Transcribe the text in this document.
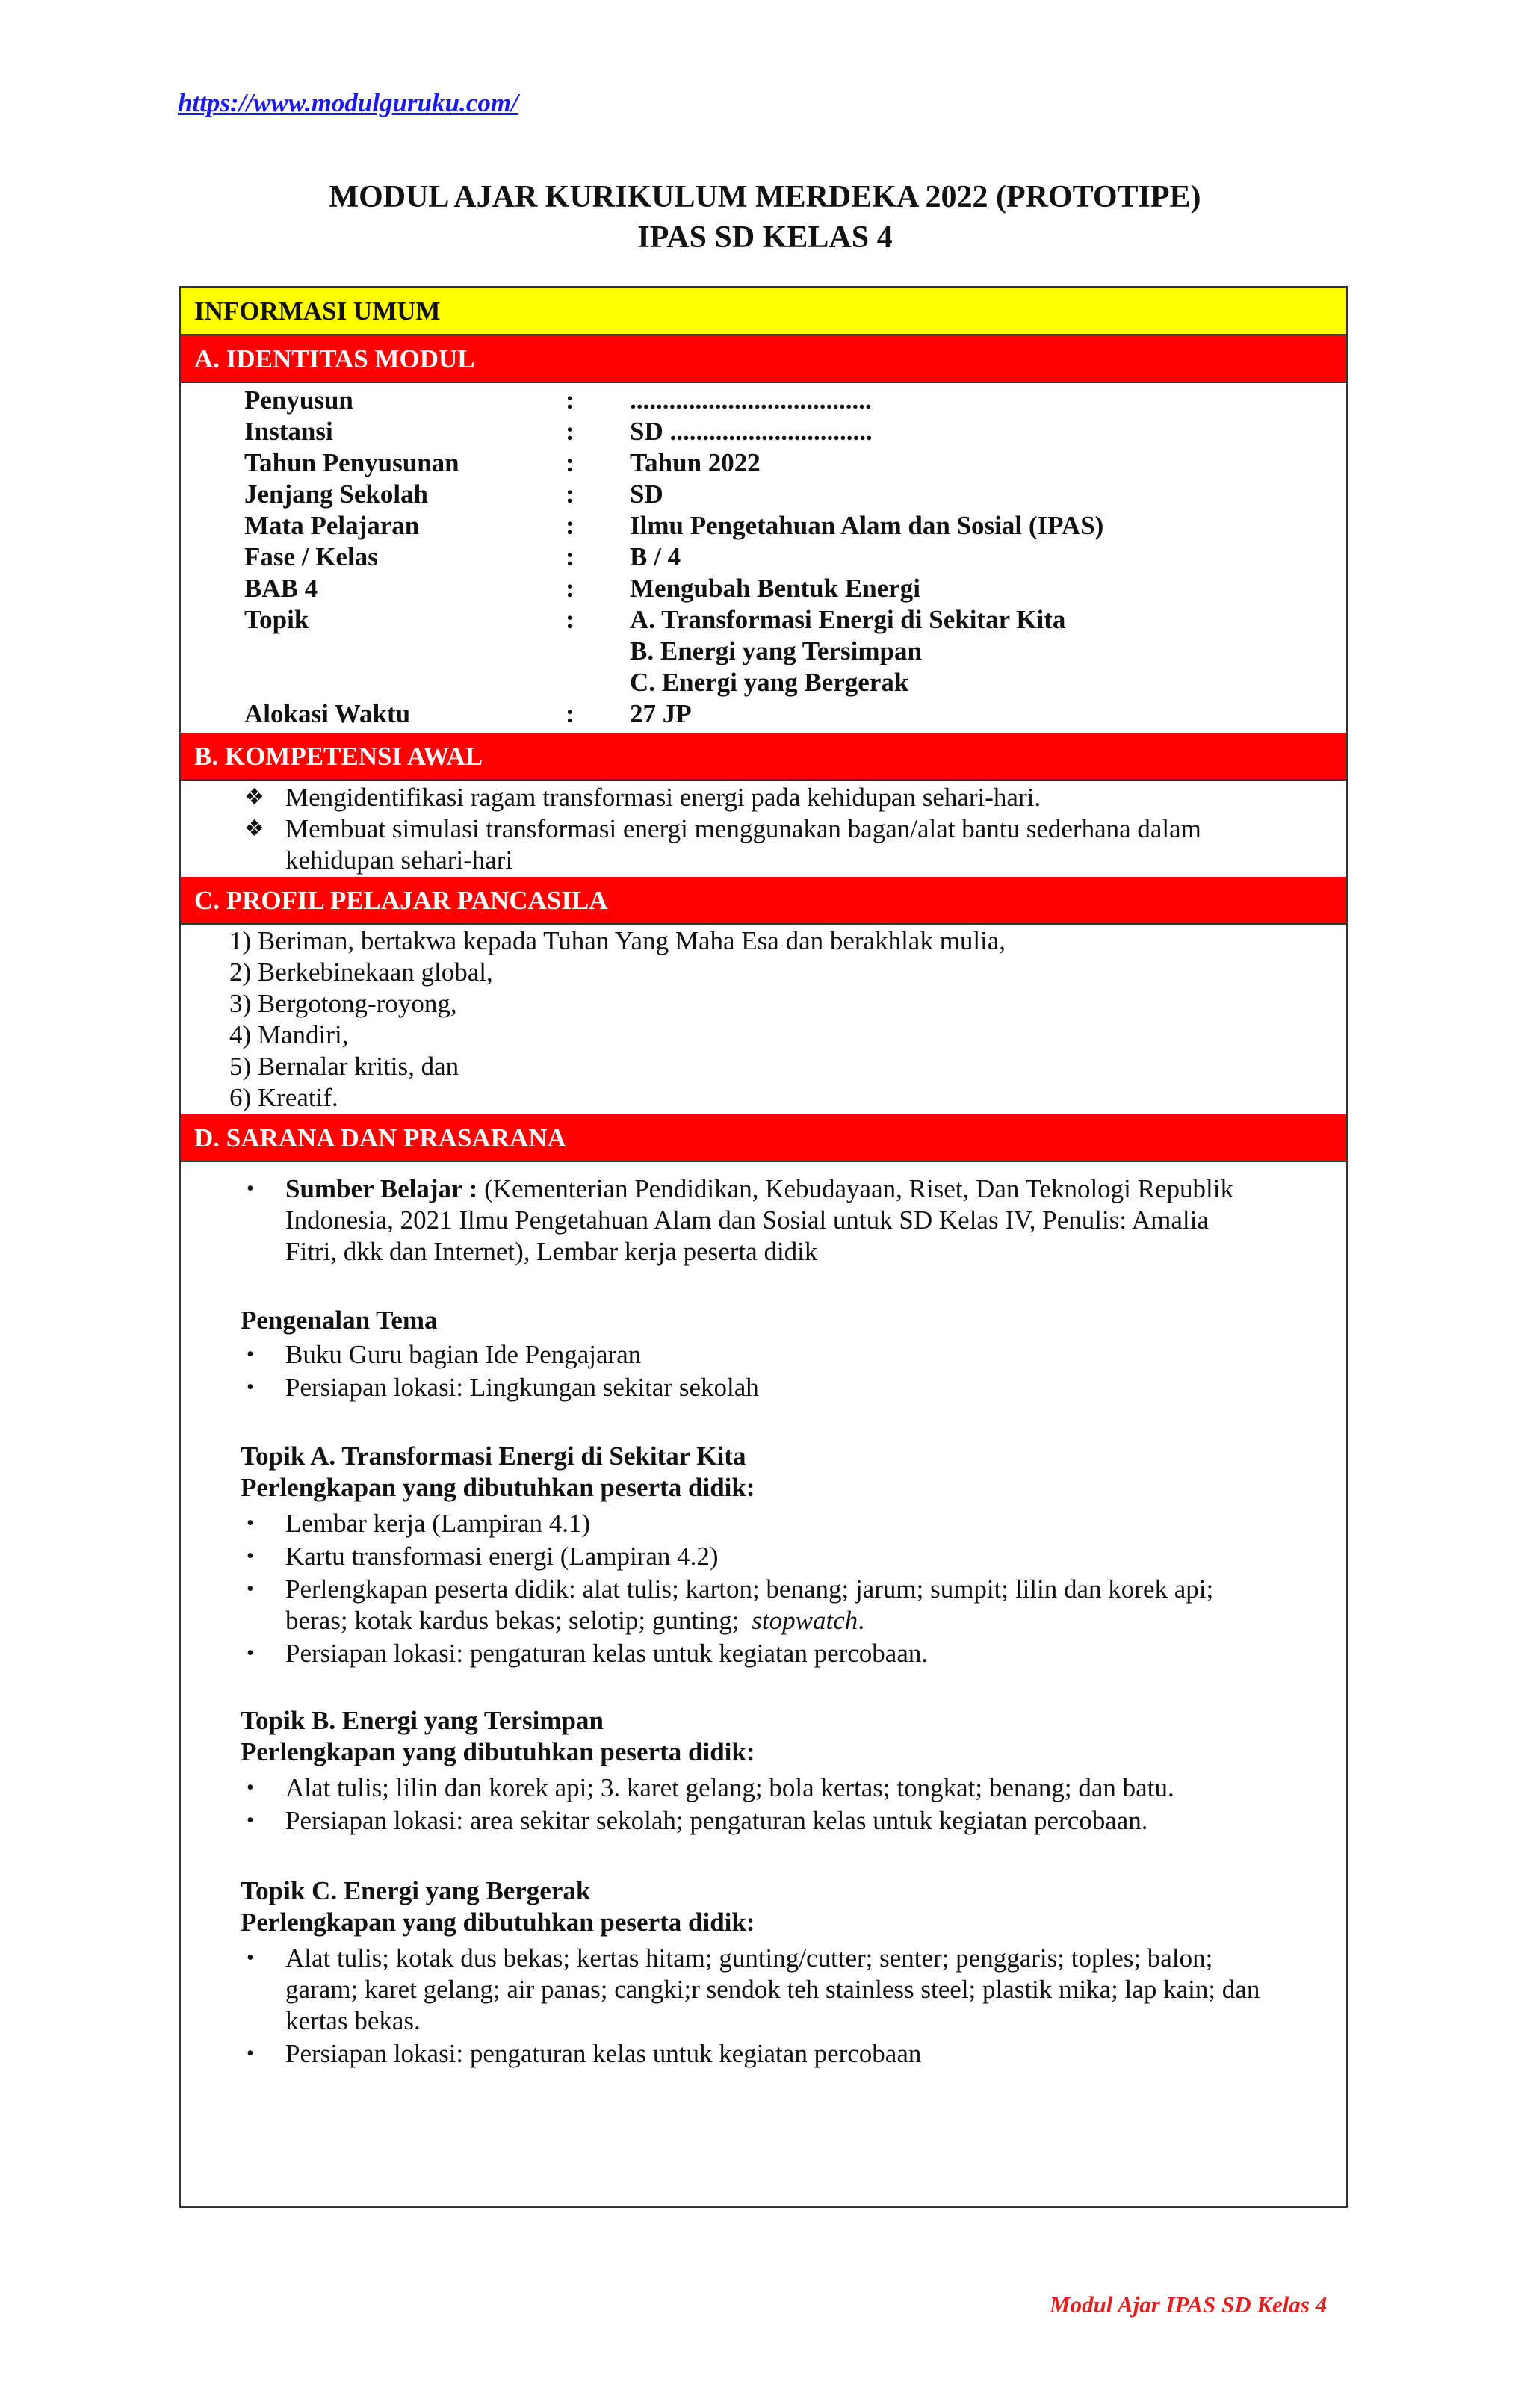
https://www.modulguruku.com/
MODUL AJAR KURIKULUM MERDEKA 2022 (PROTOTIPE)
IPAS SD KELAS 4
INFORMASI UMUM
A. IDENTITAS MODUL
Penyusun	: .....................................
Instansi	: SD ...............................
Tahun Penyusunan	: Tahun 2022
Jenjang Sekolah	: SD
Mata Pelajaran	: Ilmu Pengetahuan Alam dan Sosial (IPAS)
Fase / Kelas	: B / 4
BAB 4	: Mengubah Bentuk Energi
Topik	: A. Transformasi Energi di Sekitar Kita
B. Energi yang Tersimpan
C. Energi yang Bergerak
Alokasi Waktu	: 27 JP
B. KOMPETENSI AWAL
❖ Mengidentifikasi ragam transformasi energi pada kehidupan sehari-hari.
❖ Membuat simulasi transformasi energi menggunakan bagan/alat bantu sederhana dalam
kehidupan sehari-hari
C. PROFIL PELAJAR PANCASILA
1) Beriman, bertakwa kepada Tuhan Yang Maha Esa dan berakhlak mulia,
2) Berkebinekaan global,
3) Bergotong-royong,
4) Mandiri,
5) Bernalar kritis, dan
6) Kreatif.
D. SARANA DAN PRASARANA
• Sumber Belajar : (Kementerian Pendidikan, Kebudayaan, Riset, Dan Teknologi Republik
Indonesia, 2021 Ilmu Pengetahuan Alam dan Sosial untuk SD Kelas IV, Penulis: Amalia
Fitri, dkk dan Internet), Lembar kerja peserta didik
Pengenalan Tema
• Buku Guru bagian Ide Pengajaran
• Persiapan lokasi: Lingkungan sekitar sekolah
Topik A. Transformasi Energi di Sekitar Kita
Perlengkapan yang dibutuhkan peserta didik:
• Lembar kerja (Lampiran 4.1)
• Kartu transformasi energi (Lampiran 4.2)
• Perlengkapan peserta didik: alat tulis; karton; benang; jarum; sumpit; lilin dan korek api;
beras; kotak kardus bekas; selotip; gunting; stopwatch.
• Persiapan lokasi: pengaturan kelas untuk kegiatan percobaan.
Topik B. Energi yang Tersimpan
Perlengkapan yang dibutuhkan peserta didik:
• Alat tulis; lilin dan korek api; 3. karet gelang; bola kertas; tongkat; benang; dan batu.
• Persiapan lokasi: area sekitar sekolah; pengaturan kelas untuk kegiatan percobaan.
Topik C. Energi yang Bergerak
Perlengkapan yang dibutuhkan peserta didik:
• Alat tulis; kotak dus bekas; kertas hitam; gunting/cutter; senter; penggaris; toples; balon;
garam; karet gelang; air panas; cangki;r sendok teh stainless steel; plastik mika; lap kain; dan
kertas bekas.
• Persiapan lokasi: pengaturan kelas untuk kegiatan percobaan
Modul Ajar IPAS SD Kelas 4
